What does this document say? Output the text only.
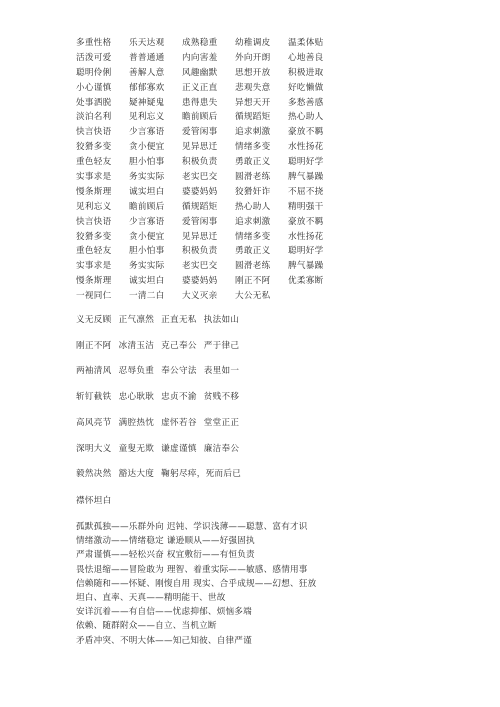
多重性格 乐天达观 成熟稳重 幼稚调皮 温柔体贴
活泼可爱 普普通通 内向害羞 外向开朗 心地善良
聪明伶俐 善解人意 风趣幽默 思想开放 积极进取
小心谨慎 郁郁寡欢 正义正直 悲观失意 好吃懒做
处事洒脱 疑神疑鬼 患得患失 异想天开 多愁善感
淡泊名利 见利忘义 瞻前顾后 循规蹈矩 热心助人
快言快语 少言寡语 爱管闲事 追求刺激 豪放不羁
狡猾多变 贪小便宜 见异思迁 情绪多变 水性扬花
重色轻友 胆小怕事 积极负责 勇敢正义 聪明好学
实事求是 务实实际 老实巴交 圆滑老练 脾气暴躁
慢条斯理 诚实坦白 婆婆妈妈 狡猾奸诈 不屈不挠
见利忘义 瞻前顾后 循规蹈矩 热心助人 精明强干
快言快语 少言寡语 爱管闲事 追求刺激 豪放不羁
狡猾多变 贪小便宜 见异思迁 情绪多变 水性扬花
重色轻友 胆小怕事 积极负责 勇敢正义 聪明好学
实事求是 务实实际 老实巴交 圆滑老练 脾气暴躁
慢条斯理 诚实坦白 婆婆妈妈 刚正不阿 优柔寡断
一视同仁 一清二白 大义灭亲 大公无私
义无反顾 正气凛然 正直无私 执法如山
刚正不阿 冰清玉洁 克己奉公 严于律己
两袖清风 忍辱负重 奉公守法 表里如一
斩钉截铁 忠心耿耿 忠贞不渝 贫贱不移
高风亮节 满腔热忱 虚怀若谷 堂堂正正
深明大义 童叟无欺 谦虚谨慎 廉洁奉公
毅然决然 豁达大度 鞠躬尽瘁，死而后已
襟怀坦白
孤默孤独——乐群外向 迟钝、学识浅薄——聪慧、富有才识
情绪激动——情绪稳定 谦逊顺从——好强固执
严肃谨慎——轻松兴奋 权宜敷衍——有恒负责
畏怯退缩——冒险敢为 理智、着重实际——敏感、感情用事
信赖随和——怀疑、刚愎自用 现实、合乎成规——幻想、狂放
坦白、直率、天真——精明能干、世故
安详沉着——有自信——忧虑抑郁、烦恼多端
依赖、随群附众——自立、当机立断
矛盾冲突、不明大体——知己知彼、自律严谨
